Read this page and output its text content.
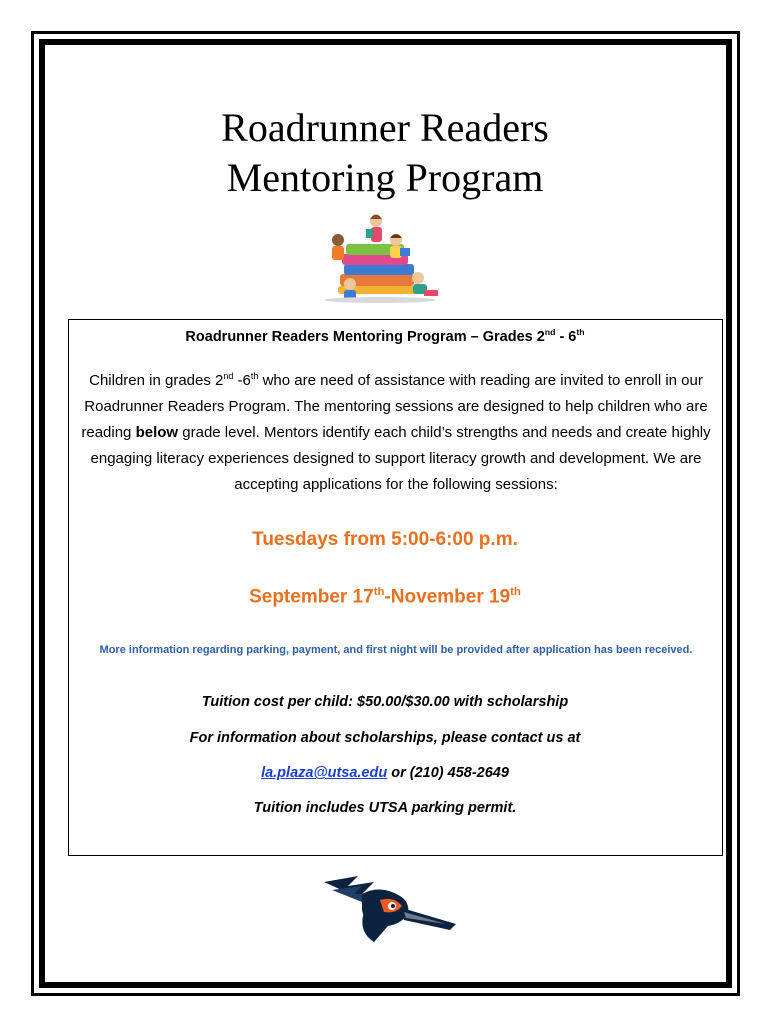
Roadrunner Readers
Mentoring Program
Roadrunner Readers Mentoring Program – Grades 2nd - 6th
Children in grades 2nd -6th who are need of assistance with reading are invited to enroll in our Roadrunner Readers Program. The mentoring sessions are designed to help children who are reading below grade level. Mentors identify each child’s strengths and needs and create highly engaging literacy experiences designed to support literacy growth and development. We are accepting applications for the following sessions:
Tuesdays from 5:00-6:00 p.m.
September 17th-November 19th
More information regarding parking, payment, and first night will be provided after application has been received.
Tuition cost per child: $50.00/$30.00 with scholarship
For information about scholarships, please contact us at
la.plaza@utsa.edu or (210) 458-2649
Tuition includes UTSA parking permit.
